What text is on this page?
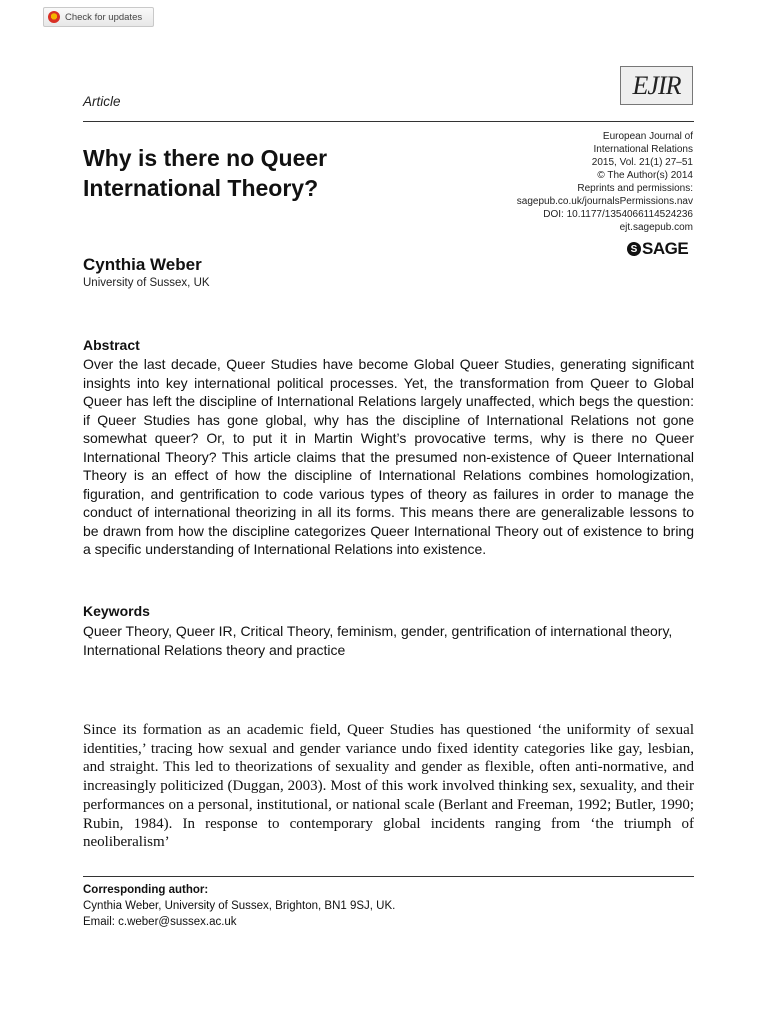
Check for updates
EJIR
Article
Why is there no Queer International Theory?
European Journal of
International Relations
2015, Vol. 21(1) 27–51
© The Author(s) 2014
Reprints and permissions:
sagepub.co.uk/journalsPermissions.nav
DOI: 10.1177/1354066114524236
ejt.sagepub.com
S SAGE
Cynthia Weber
University of Sussex, UK
Abstract

Over the last decade, Queer Studies have become Global Queer Studies, generating significant insights into key international political processes. Yet, the transformation from Queer to Global Queer has left the discipline of International Relations largely unaffected, which begs the question: if Queer Studies has gone global, why has the discipline of International Relations not gone somewhat queer? Or, to put it in Martin Wight’s provocative terms, why is there no Queer International Theory? This article claims that the presumed non-existence of Queer International Theory is an effect of how the discipline of International Relations combines homologization, figuration, and gentrification to code various types of theory as failures in order to manage the conduct of international theorizing in all its forms. This means there are generalizable lessons to be drawn from how the discipline categorizes Queer International Theory out of existence to bring a specific understanding of International Relations into existence.

Keywords

Queer Theory, Queer IR, Critical Theory, feminism, gender, gentrification of international theory, International Relations theory and practice

Since its formation as an academic field, Queer Studies has questioned ‘the uniformity of sexual identities,’ tracing how sexual and gender variance undo fixed identity categories like gay, lesbian, and straight. This led to theorizations of sexuality and gender as flexible, often anti-normative, and increasingly politicized (Duggan, 2003). Most of this work involved thinking sex, sexuality, and their performances on a personal, institutional, or national scale (Berlant and Freeman, 1992; Butler, 1990; Rubin, 1984). In response to contemporary global incidents ranging from ‘the triumph of neoliberalism’

Corresponding author:
Cynthia Weber, University of Sussex, Brighton, BN1 9SJ, UK.
Email: c.weber@sussex.ac.uk
